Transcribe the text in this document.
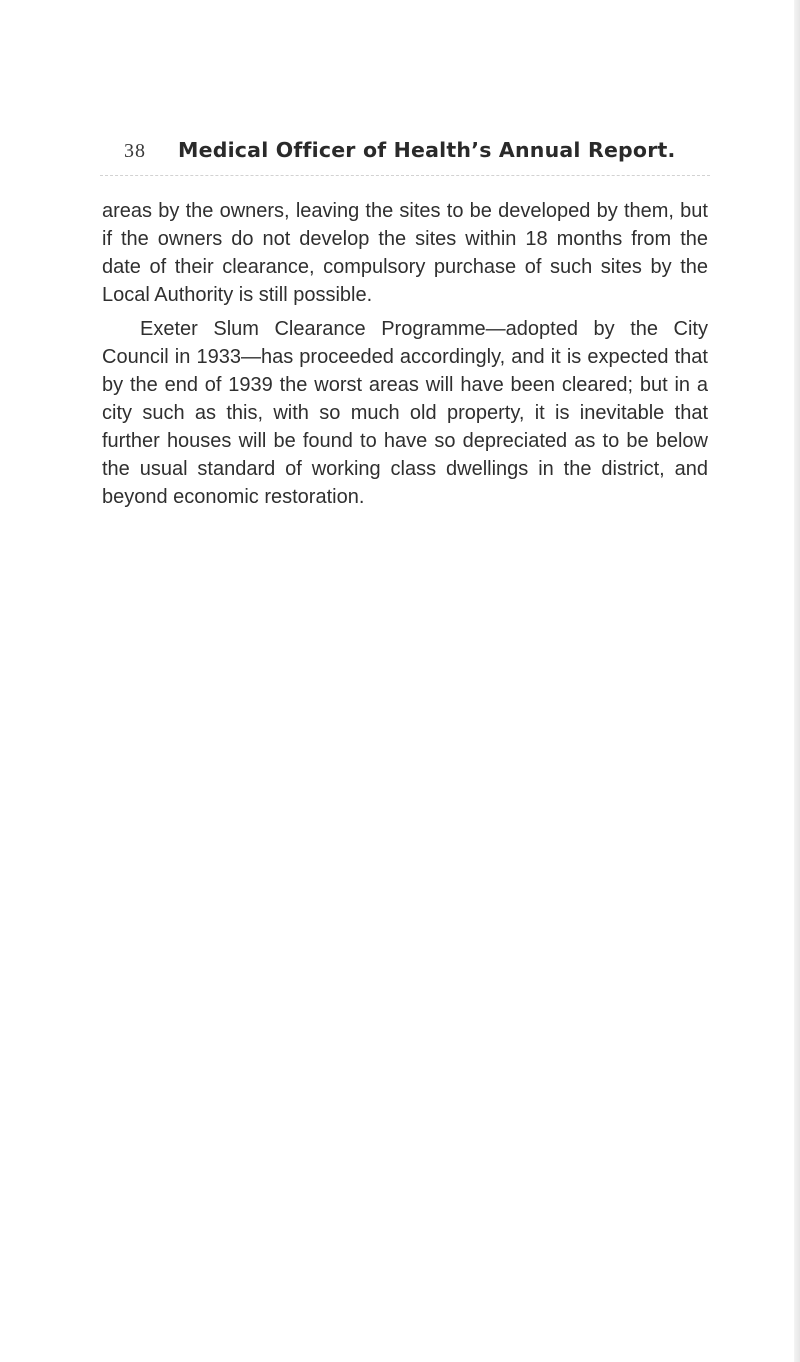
38 Medical Officer of Health’s Annual Report.

areas by the owners, leaving the sites to be developed by them, but if the owners do not develop the sites within 18 months from the date of their clearance, compulsory purchase of such sites by the Local Authority is still possible.

Exeter Slum Clearance Programme—adopted by the City Council in 1933—has proceeded accordingly, and it is expected that by the end of 1939 the worst areas will have been cleared; but in a city such as this, with so much old property, it is inevitable that further houses will be found to have so depreciated as to be below the usual standard of working class dwellings in the district, and beyond economic restoration.
